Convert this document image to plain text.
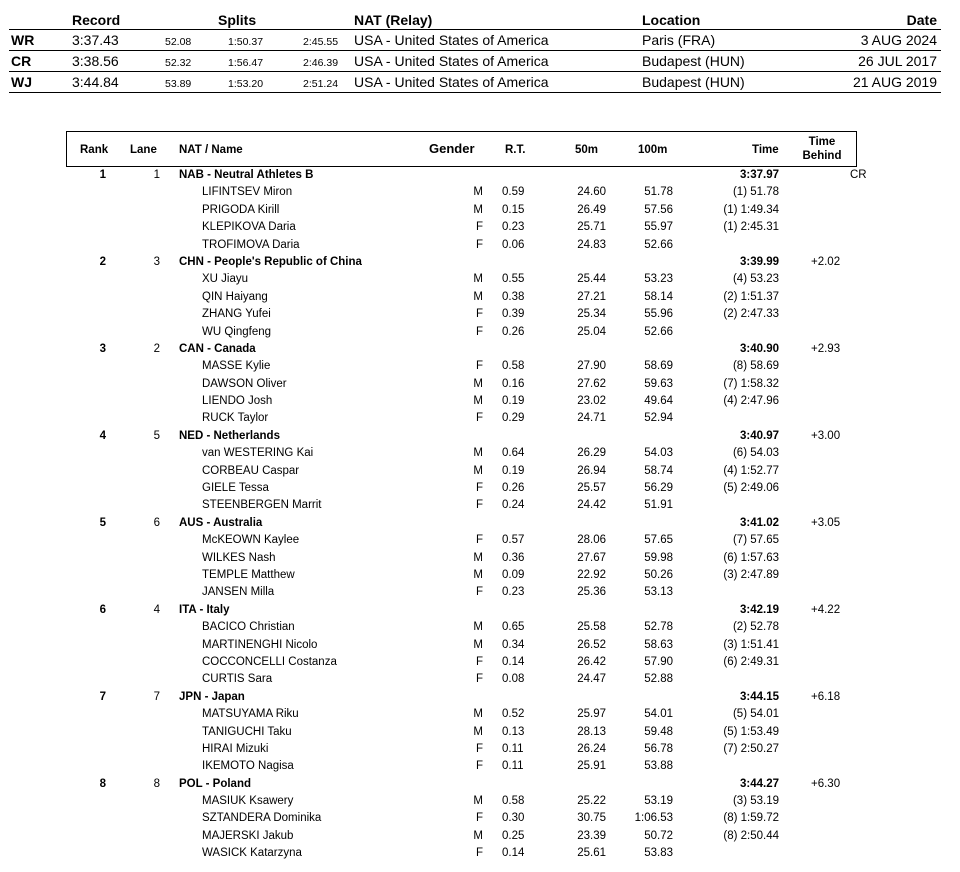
Record	Splits	NAT (Relay)	Location	Date
WR	3:37.43	52.08	1:50.37	2:45.55 USA - United States of America	Paris (FRA)	3 AUG 2024
CR	3:38.56	52.32	1:56.47	2:46.39 USA - United States of America	Budapest (HUN)	26 JUL 2017
WJ	3:44.84	53.89	1:53.20	2:51.24 USA - United States of America	Budapest (HUN)	21 AUG 2019
Rank Lane NAT / Name	Gender	R.T.	50m	100m	Time
Time
Behind
1	1 NAB - Neutral Athletes B	3:37.97	CR
LIFINTSEV Miron	M 0.59	24.60	51.78	(1) 51.78
PRIGODA Kirill	M 0.15	26.49	57.56	(1) 1:49.34
KLEPIKOVA Daria	F 0.23	25.71	55.97	(1) 2:45.31
TROFIMOVA Daria	F 0.06	24.83	52.66
2	3 CHN - People's Republic of China	3:39.99	+2.02
XU Jiayu	M 0.55	25.44	53.23	(4) 53.23
QIN Haiyang	M 0.38	27.21	58.14	(2) 1:51.37
ZHANG Yufei	F 0.39	25.34	55.96	(2) 2:47.33
WU Qingfeng	F 0.26	25.04	52.66
3	2 CAN - Canada	3:40.90	+2.93
MASSE Kylie	F 0.58	27.90	58.69	(8) 58.69
DAWSON Oliver	M 0.16	27.62	59.63	(7) 1:58.32
LIENDO Josh	M 0.19	23.02	49.64	(4) 2:47.96
RUCK Taylor	F 0.29	24.71	52.94
4	5 NED - Netherlands	3:40.97	+3.00
van WESTERING Kai	M 0.64	26.29	54.03	(6) 54.03
CORBEAU Caspar	M 0.19	26.94	58.74	(4) 1:52.77
GIELE Tessa	F 0.26	25.57	56.29	(5) 2:49.06
STEENBERGEN Marrit	F 0.24	24.42	51.91
5	6 AUS - Australia	3:41.02	+3.05
McKEOWN Kaylee	F 0.57	28.06	57.65	(7) 57.65
WILKES Nash	M 0.36	27.67	59.98	(6) 1:57.63
TEMPLE Matthew	M 0.09	22.92	50.26	(3) 2:47.89
JANSEN Milla	F 0.23	25.36	53.13
6	4 ITA - Italy	3:42.19	+4.22
BACICO Christian	M 0.65	25.58	52.78	(2) 52.78
MARTINENGHI Nicolo	M 0.34	26.52	58.63	(3) 1:51.41
COCCONCELLI Costanza	F 0.14	26.42	57.90	(6) 2:49.31
CURTIS Sara	F 0.08	24.47	52.88
7	7 JPN - Japan	3:44.15	+6.18
MATSUYAMA Riku	M 0.52	25.97	54.01	(5) 54.01
TANIGUCHI Taku	M 0.13	28.13	59.48	(5) 1:53.49
HIRAI Mizuki	F 0.11	26.24	56.78	(7) 2:50.27
IKEMOTO Nagisa	F 0.11	25.91	53.88
8	8 POL - Poland	3:44.27	+6.30
MASIUK Ksawery	M 0.58	25.22	53.19	(3) 53.19
SZTANDERA Dominika	F 0.30	30.75	1:06.53	(8) 1:59.72
MAJERSKI Jakub	M 0.25	23.39	50.72	(8) 2:50.44
WASICK Katarzyna	F 0.14	25.61	53.83
